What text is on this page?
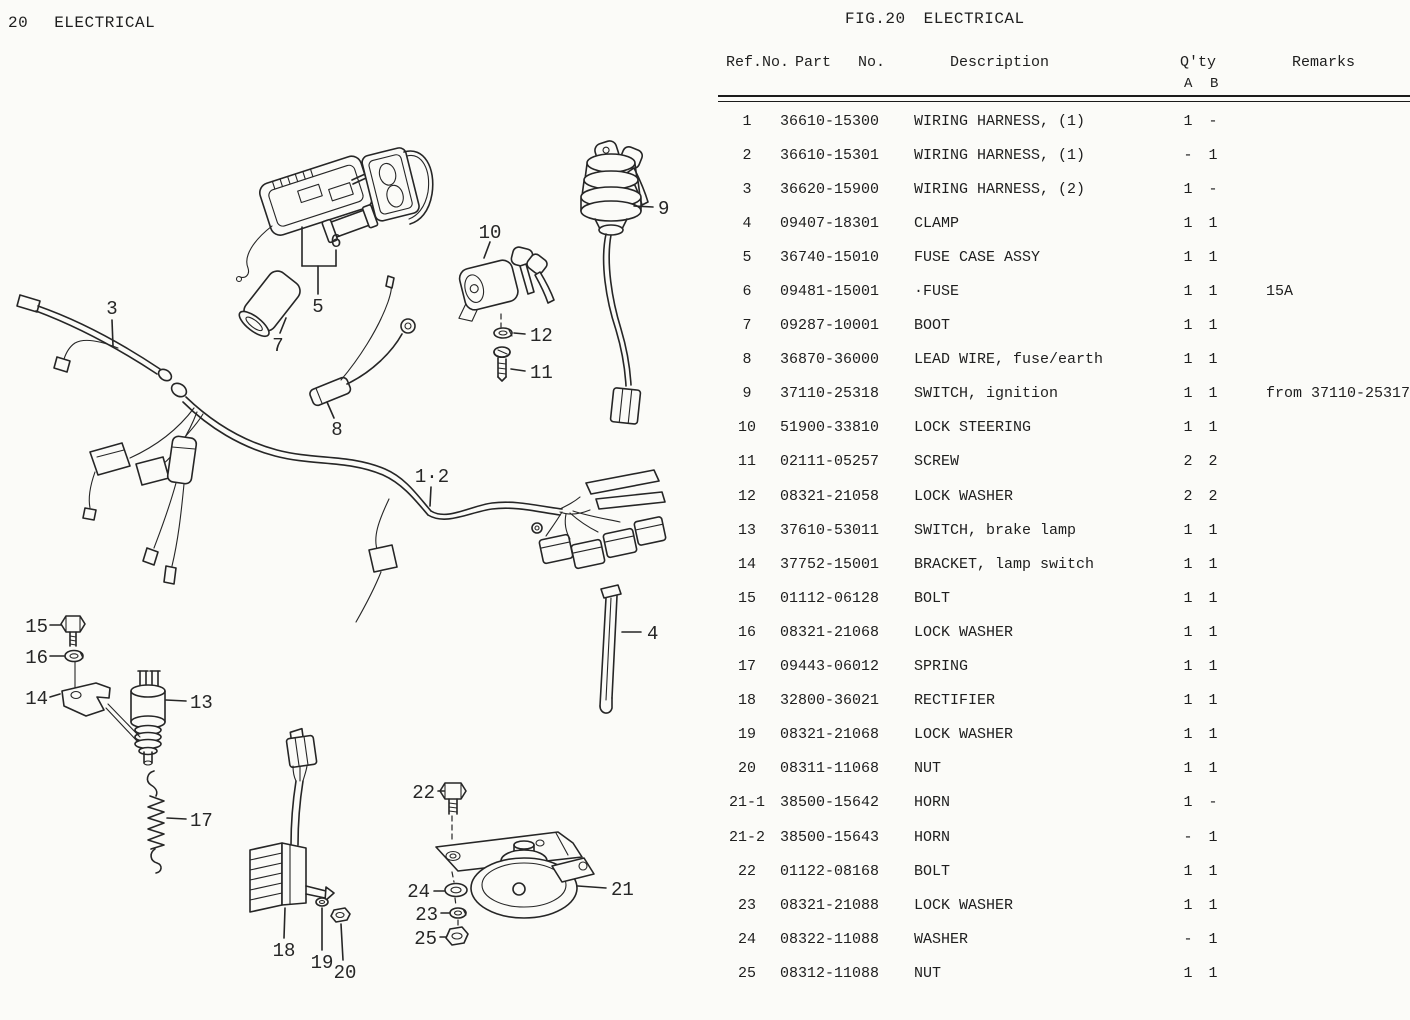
20 ELECTRICAL	FIG.20 ELECTRICAL
3
1·2
4
5
6
7
8
9
10
11
12
13
14
15
16
17
18
19 20
21
22
23
24
25
Ref.No. Part No.	Description	Q'ty	Remarks
A B
1	36610-15300	WIRING HARNESS, (1)	1	-
2	36610-15301	WIRING HARNESS, (1)	-	1
3	36620-15900	WIRING HARNESS, (2)	1	-
4	09407-18301	CLAMP	1	1
5	36740-15010	FUSE CASE ASSY	1	1
6	09481-15001	·FUSE	1	1	15A
7	09287-10001	BOOT	1	1
8	36870-36000	LEAD WIRE, fuse/earth	1	1
9	37110-25318	SWITCH, ignition	1	1	from 37110-25317
10	51900-33810	LOCK STEERING	1	1
11	02111-05257	SCREW	2	2
12	08321-21058	LOCK WASHER	2	2
13	37610-53011	SWITCH, brake lamp	1	1
14	37752-15001	BRACKET, lamp switch	1	1
15	01112-06128	BOLT	1	1
16	08321-21068	LOCK WASHER	1	1
17	09443-06012	SPRING	1	1
18	32800-36021	RECTIFIER	1	1
19	08321-21068	LOCK WASHER	1	1
20	08311-11068	NUT	1	1
21-1	38500-15642	HORN	1	-
21-2	38500-15643	HORN	-	1
22	01122-08168	BOLT	1	1
23	08321-21088	LOCK WASHER	1	1
24	08322-11088	WASHER	-	1
25	08312-11088	NUT	1	1
